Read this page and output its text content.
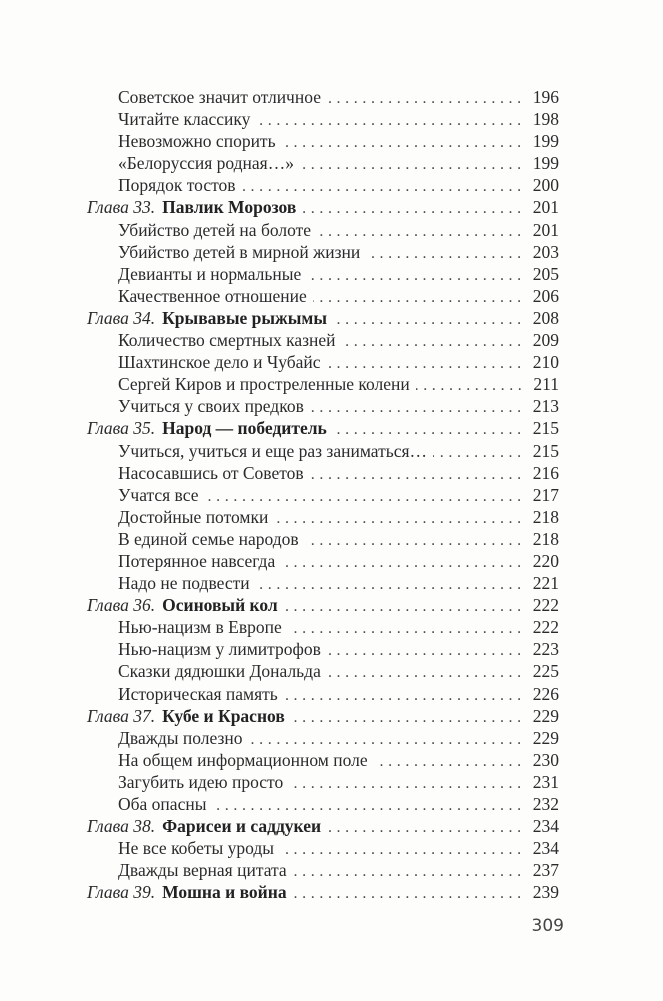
Советское значит отличное .....	196
Читайте классику .....	198
Невозможно спорить .....	199
«Белоруссия родная…» .....	199
Порядок тостов .....	200
Глава 33. Павлик Морозов .....	201
Убийство детей на болоте .....	201
Убийство детей в мирной жизни .....	203
Девианты и нормальные .....	205
Качественное отношение .....	206
Глава 34. Крывавые рыжымы .....	208
Количество смертных казней .....	209
Шахтинское дело и Чубайс .....	210
Сергей Киров и простреленные колени .....	211
Учиться у своих предков .....	213
Глава 35. Народ — победитель .....	215
Учиться, учиться и еще раз заниматься… .....	215
Насосавшись от Советов .....	216
Учатся все .....	217
Достойные потомки .....	218
В единой семье народов .....	218
Потерянное навсегда .....	220
Надо не подвести .....	221
Глава 36. Осиновый кол .....	222
Нью-нацизм в Европе .....	222
Нью-нацизм у лимитрофов .....	223
Сказки дядюшки Дональда .....	225
Историческая память .....	226
Глава 37. Кубе и Краснов .....	229
Дважды полезно .....	229
На общем информационном поле .....	230
Загубить идею просто .....	231
Оба опасны .....	232
Глава 38. Фарисеи и саддукеи .....	234
Не все кобеты уроды .....	234
Дважды верная цитата .....	237
Глава 39. Мошна и война .....	239
309
